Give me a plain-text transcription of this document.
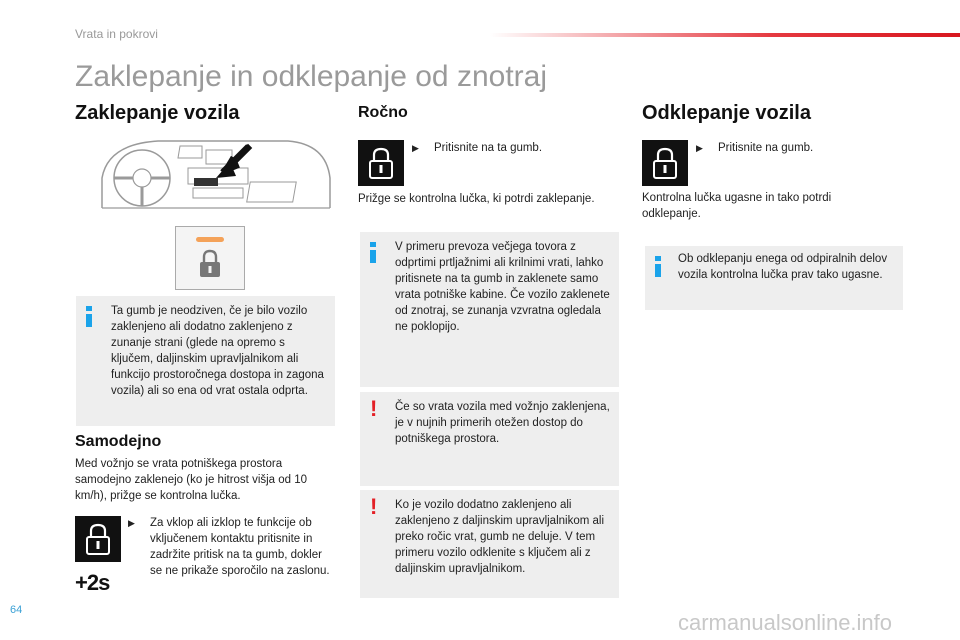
Vrata in pokrovi
Zaklepanje in odklepanje od znotraj
Zaklepanje vozila
Ta gumb je neodziven, če je bilo vozilo zaklenjeno ali dodatno zaklenjeno z zunanje strani (glede na opremo s ključem, daljinskim upravljalnikom ali funkcijo prostoročnega dostopa in zagona vozila) ali so ena od vrat ostala odprta.
Samodejno
Med vožnjo se vrata potniškega prostora samodejno zaklenejo (ko je hitrost višja od 10 km/h), prižge se kontrolna lučka.
+2s
▶ Za vklop ali izklop te funkcije ob vključenem kontaktu pritisnite in zadržite pritisk na ta gumb, dokler se ne prikaže sporočilo na zaslonu.
Ročno
▶ Pritisnite na ta gumb.
Prižge se kontrolna lučka, ki potrdi zaklepanje.
V primeru prevoza večjega tovora z odprtimi prtljažnimi ali krilnimi vrati, lahko pritisnete na ta gumb in zaklenete samo vrata potniške kabine. Če vozilo zaklenete od znotraj, se zunanja vzvratna ogledala ne poklopijo.
! Če so vrata vozila med vožnjo zaklenjena, je v nujnih primerih otežen dostop do potniškega prostora.
! Ko je vozilo dodatno zaklenjeno ali zaklenjeno z daljinskim upravljalnikom ali preko ročic vrat, gumb ne deluje. V tem primeru vozilo odklenite s ključem ali z daljinskim upravljalnikom.
Odklepanje vozila
▶ Pritisnite na gumb.
Kontrolna lučka ugasne in tako potrdi odklepanje.
Ob odklepanju enega od odpiralnih delov vozila kontrolna lučka prav tako ugasne.
64	carmanualsonline.info
